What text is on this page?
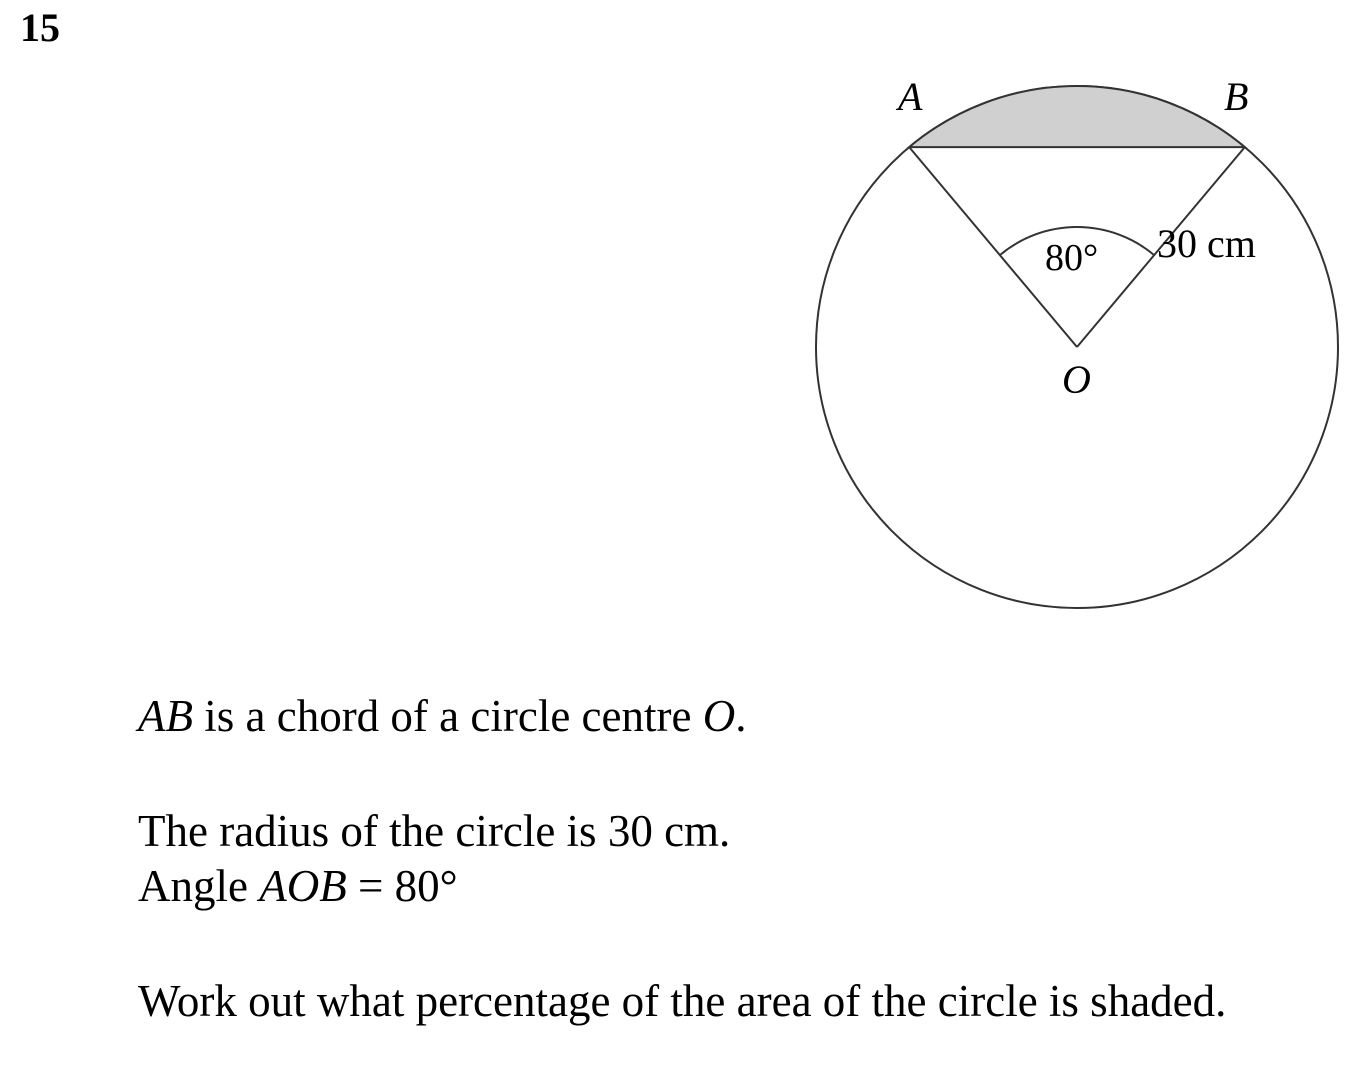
15
A	B
O
80° 30 cm
AB is a chord of a circle centre O.
The radius of the circle is 30 cm.
Angle AOB = 80°
Work out what percentage of the area of the circle is shaded.
